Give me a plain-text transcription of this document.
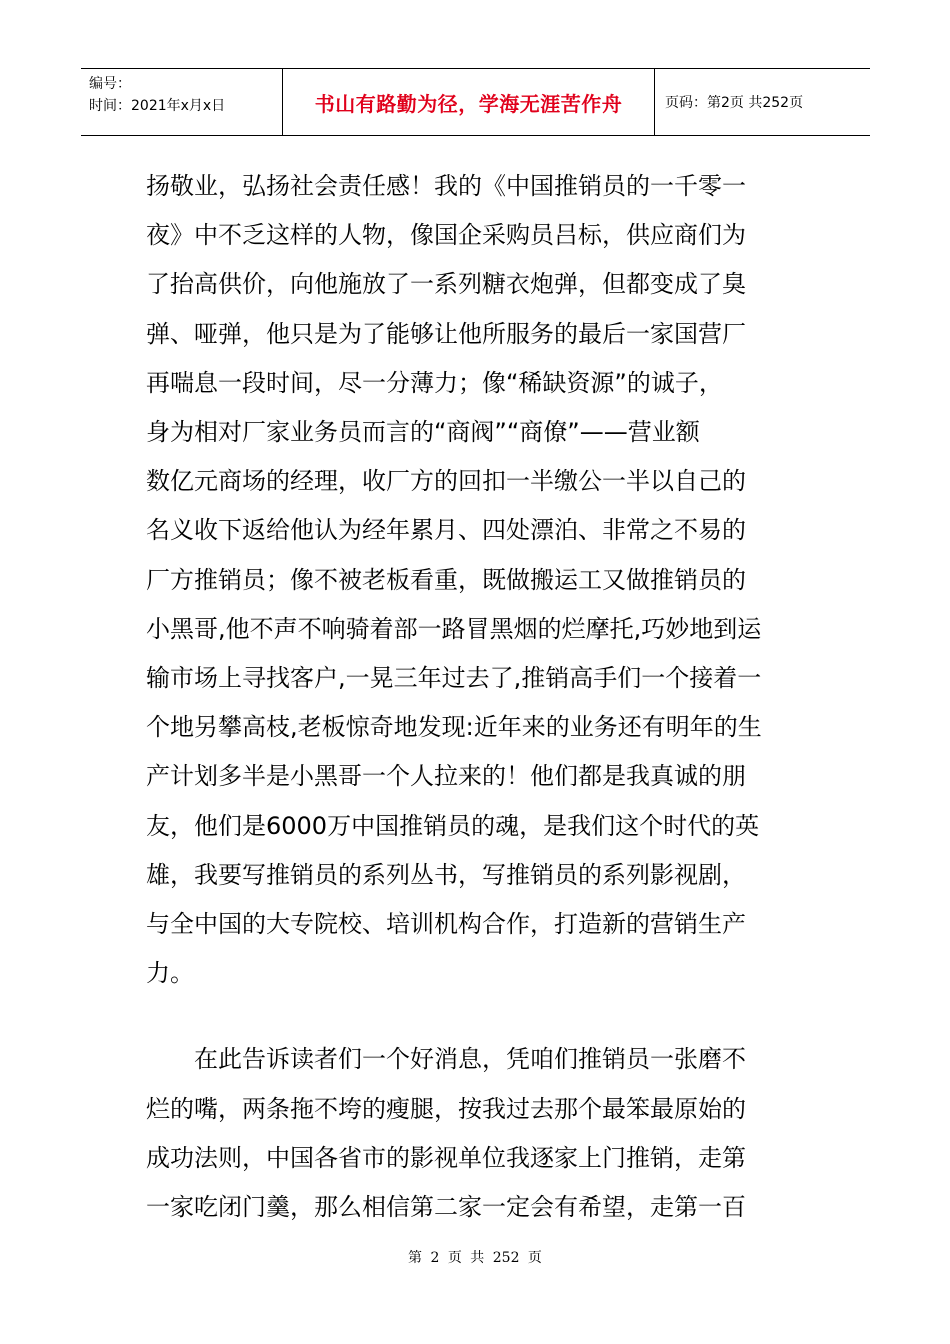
编号：
时间：2021年x月x日	书山有路勤为径，学海无涯苦作舟	页码：第2页 共252页

扬敬业，弘扬社会责任感！我的《中国推销员的一千零一
夜》中不乏这样的人物，像国企采购员吕标，供应商们为
了抬高供价，向他施放了一系列糖衣炮弹，但都变成了臭
弹、哑弹，他只是为了能够让他所服务的最后一家国营厂
再喘息一段时间，尽一分薄力；像“稀缺资源”的诚子，
身为相对厂家业务员而言的“商阀”“商僚”——营业额
数亿元商场的经理，收厂方的回扣一半缴公一半以自己的
名义收下返给他认为经年累月、四处漂泊、非常之不易的
厂方推销员；像不被老板看重，既做搬运工又做推销员的
小黑哥,他不声不响骑着部一路冒黑烟的烂摩托,巧妙地到运
输市场上寻找客户,一晃三年过去了,推销高手们一个接着一
个地另攀高枝,老板惊奇地发现:近年来的业务还有明年的生
产计划多半是小黑哥一个人拉来的！他们都是我真诚的朋
友，他们是6000万中国推销员的魂，是我们这个时代的英
雄，我要写推销员的系列丛书，写推销员的系列影视剧，
与全中国的大专院校、培训机构合作，打造新的营销生产
力。

在此告诉读者们一个好消息，凭咱们推销员一张磨不
烂的嘴，两条拖不垮的瘦腿，按我过去那个最笨最原始的
成功法则，中国各省市的影视单位我逐家上门推销，走第
一家吃闭门羹，那么相信第二家一定会有希望，走第一百

第 2 页 共 252 页
